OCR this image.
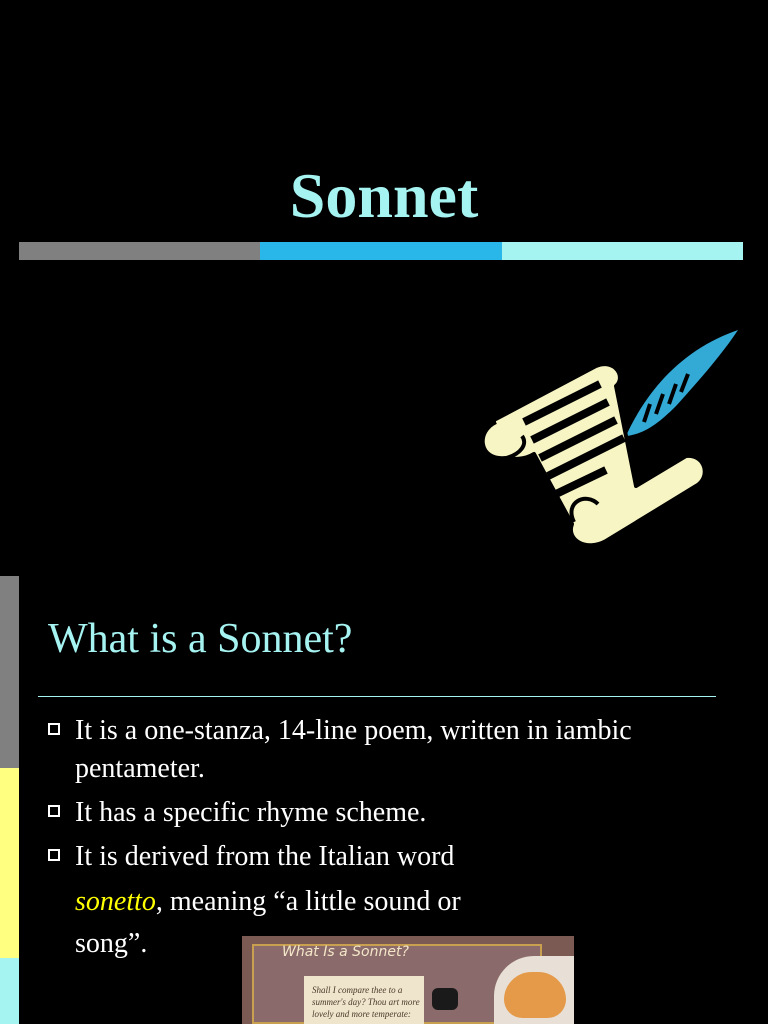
Sonnet
What is a Sonnet?
It is a one-stanza, 14-line poem, written in iambic pentameter.
It has a specific rhyme scheme.
It is derived from the Italian word
sonetto, meaning “a little sound or
song”.	What Is a Sonnet?
Shall I compare thee to a summer's day? Thou art more lovely and more temperate:
